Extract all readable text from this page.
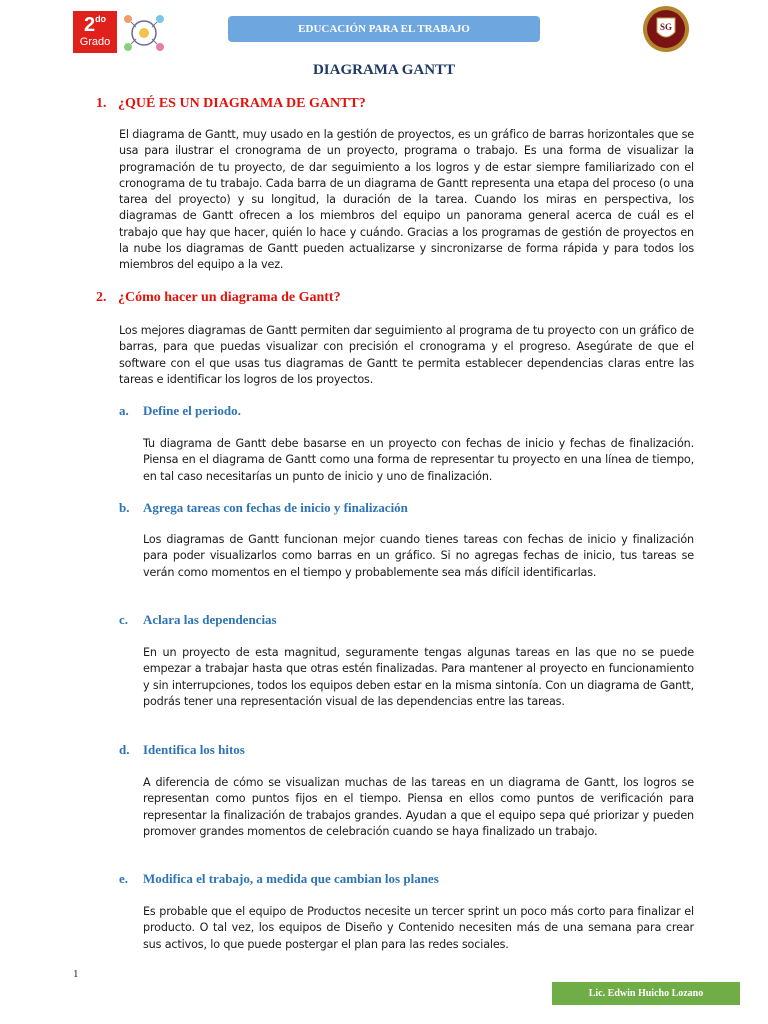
$2^{do}$
Grado
EDUCACIÓN PARA EL TRABAJO	SG
DIAGRAMA GANTT
1. ¿QUÉ ES UN DIAGRAMA DE GANTT?
El diagrama de Gantt, muy usado en la gestión de proyectos, es un gráfico de barras horizontales que se usa para ilustrar el cronograma de un proyecto, programa o trabajo. Es una forma de visualizar la programación de tu proyecto, de dar seguimiento a los logros y de estar siempre familiarizado con el cronograma de tu trabajo. Cada barra de un diagrama de Gantt representa una etapa del proceso (o una tarea del proyecto) y su longitud, la duración de la tarea. Cuando los miras en perspectiva, los diagramas de Gantt ofrecen a los miembros del equipo un panorama general acerca de cuál es el trabajo que hay que hacer, quién lo hace y cuándo. Gracias a los programas de gestión de proyectos en la nube los diagramas de Gantt pueden actualizarse y sincronizarse de forma rápida y para todos los miembros del equipo a la vez.
2. ¿Cómo hacer un diagrama de Gantt?
Los mejores diagramas de Gantt permiten dar seguimiento al programa de tu proyecto con un gráfico de barras, para que puedas visualizar con precisión el cronograma y el progreso. Asegúrate de que el software con el que usas tus diagramas de Gantt te permita establecer dependencias claras entre las tareas e identificar los logros de los proyectos.
a. Define el periodo.
Tu diagrama de Gantt debe basarse en un proyecto con fechas de inicio y fechas de finalización. Piensa en el diagrama de Gantt como una forma de representar tu proyecto en una línea de tiempo, en tal caso necesitarías un punto de inicio y uno de finalización.
b. Agrega tareas con fechas de inicio y finalización
Los diagramas de Gantt funcionan mejor cuando tienes tareas con fechas de inicio y finalización para poder visualizarlos como barras en un gráfico. Si no agregas fechas de inicio, tus tareas se verán como momentos en el tiempo y probablemente sea más difícil identificarlas.
c. Aclara las dependencias
En un proyecto de esta magnitud, seguramente tengas algunas tareas en las que no se puede empezar a trabajar hasta que otras estén finalizadas. Para mantener al proyecto en funcionamiento y sin interrupciones, todos los equipos deben estar en la misma sintonía. Con un diagrama de Gantt, podrás tener una representación visual de las dependencias entre las tareas.
d. Identifica los hitos
A diferencia de cómo se visualizan muchas de las tareas en un diagrama de Gantt, los logros se representan como puntos fijos en el tiempo. Piensa en ellos como puntos de verificación para representar la finalización de trabajos grandes. Ayudan a que el equipo sepa qué priorizar y pueden promover grandes momentos de celebración cuando se haya finalizado un trabajo.
e. Modifica el trabajo, a medida que cambian los planes
Es probable que el equipo de Productos necesite un tercer sprint un poco más corto para finalizar el producto. O tal vez, los equipos de Diseño y Contenido necesiten más de una semana para crear sus activos, lo que puede postergar el plan para las redes sociales.
1
Lic. Edwin Huicho Lozano
